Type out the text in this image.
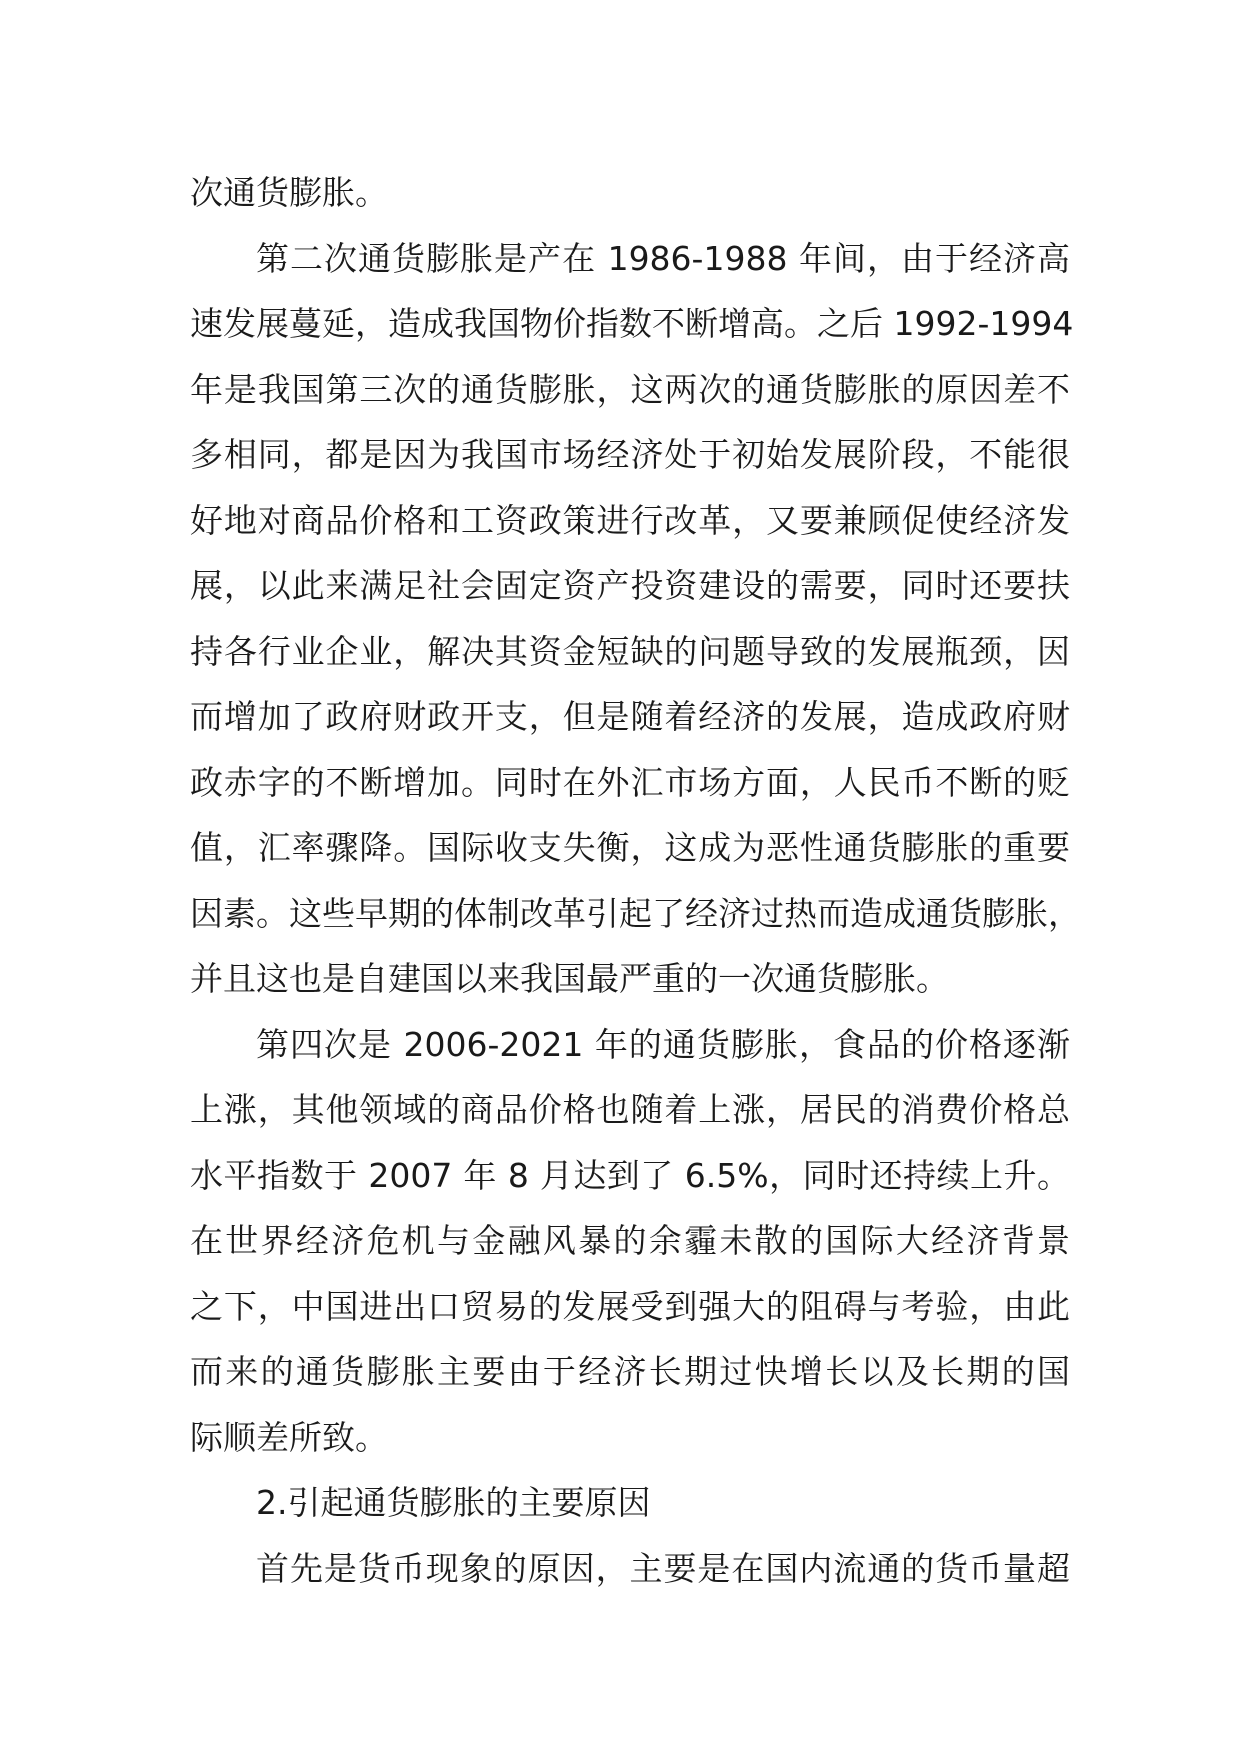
次通货膨胀。
第二次通货膨胀是产在 1986-1988 年间，由于经济高
速发展蔓延，造成我国物价指数不断增高。之后 1992-1994
年是我国第三次的通货膨胀，这两次的通货膨胀的原因差不
多相同，都是因为我国市场经济处于初始发展阶段，不能很
好地对商品价格和工资政策进行改革，又要兼顾促使经济发
展，以此来满足社会固定资产投资建设的需要，同时还要扶
持各行业企业，解决其资金短缺的问题导致的发展瓶颈，因
而增加了政府财政开支，但是随着经济的发展，造成政府财
政赤字的不断增加。同时在外汇市场方面，人民币不断的贬
值，汇率骤降。国际收支失衡，这成为恶性通货膨胀的重要
因素。这些早期的体制改革引起了经济过热而造成通货膨胀，
并且这也是自建国以来我国最严重的一次通货膨胀。
第四次是 2006-2021 年的通货膨胀，食品的价格逐渐
上涨，其他领域的商品价格也随着上涨，居民的消费价格总
水平指数于 2007 年 8 月达到了 6.5%，同时还持续上升。
在世界经济危机与金融风暴的余霾未散的国际大经济背景
之下，中国进出口贸易的发展受到强大的阻碍与考验，由此
而来的通货膨胀主要由于经济长期过快增长以及长期的国
际顺差所致。
2.引起通货膨胀的主要原因
首先是货币现象的原因，主要是在国内流通的货币量超
